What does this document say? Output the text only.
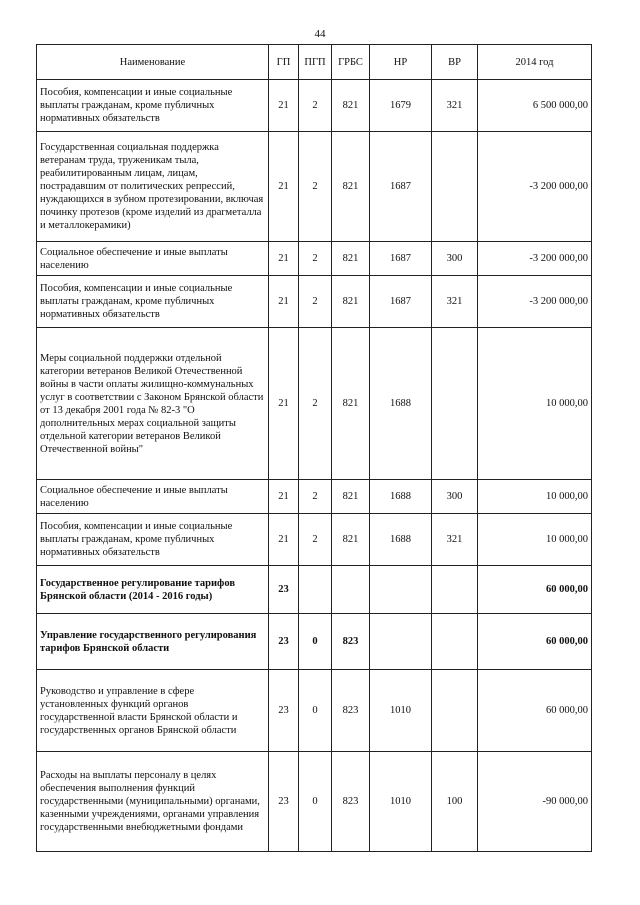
44
Наименование	ГП	ПГП	ГРБС	НР	ВР	2014 год
Пособия, компенсации и иные социальные выплаты гражданам, кроме публичных нормативных обязательств	21	2	821	1679	321	6 500 000,00
Государственная социальная поддержка ветеранам труда, труженикам тыла, реабилитированным лицам, лицам, пострадавшим от политических репрессий, нуждающихся в зубном протезировании, включая починку протезов (кроме изделий из драгметалла и металлокерамики)	21	2	821	1687		-3 200 000,00
Социальное обеспечение и иные выплаты населению	21	2	821	1687	300	-3 200 000,00
Пособия, компенсации и иные социальные выплаты гражданам, кроме публичных нормативных обязательств	21	2	821	1687	321	-3 200 000,00
Меры социальной поддержки отдельной категории ветеранов Великой Отечественной войны в части оплаты жилищно-коммунальных услуг в соответствии с Законом Брянской области от 13 декабря 2001 года № 82-3 "О дополнительных мерах социальной защиты отдельной категории ветеранов Великой Отечественной войны"	21	2	821	1688		10 000,00
Социальное обеспечение и иные выплаты населению	21	2	821	1688	300	10 000,00
Пособия, компенсации и иные социальные выплаты гражданам, кроме публичных нормативных обязательств	21	2	821	1688	321	10 000,00
Государственное регулирование тарифов Брянской области (2014 - 2016 годы)	23					60 000,00
Управление государственного регулирования тарифов Брянской области	23	0	823			60 000,00
Руководство и управление в сфере установленных функций органов государственной власти Брянской области и государственных органов Брянской области	23	0	823	1010		60 000,00
Расходы на выплаты персоналу в целях обеспечения выполнения функций государственными (муниципальными) органами, казенными учреждениями, органами управления государственными внебюджетными фондами	23	0	823	1010	100	-90 000,00
